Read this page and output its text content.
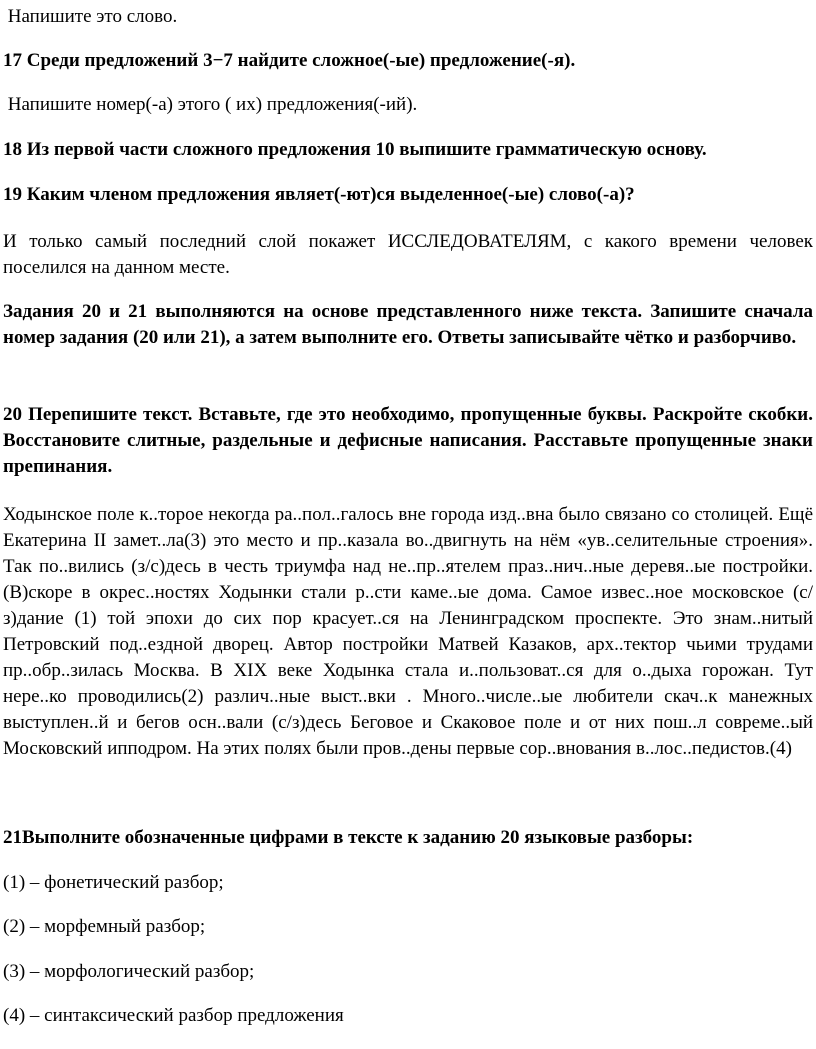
Напишите это слово.

17 Среди предложений 3−7 найдите сложное(-ые) предложение(-я).

Напишите номер(-а) этого ( их) предложения(-ий).

18 Из первой части сложного предложения 10 выпишите грамматическую основу.

19 Каким членом предложения являет(-ют)ся выделенное(-ые) слово(-а)?

И только самый последний слой покажет ИССЛЕДОВАТЕЛЯМ, с какого времени человек поселился на данном месте.

Задания 20 и 21 выполняются на основе представленного ниже текста. Запишите сначала номер задания (20 или 21), а затем выполните его. Ответы записывайте чётко и разборчиво.

20 Перепишите текст. Вставьте, где это необходимо, пропущенные буквы. Раскройте скобки. Восстановите слитные, раздельные и дефисные написания. Расставьте пропущенные знаки препинания.

Ходынское поле к..торое некогда ра..пол..галось вне города изд..вна было связано со столицей. Ещё Екатерина II замет..ла(3) это место и пр..казала во..двигнуть на нём «ув..селительные строения». Так по..вились (з/с)десь в честь триумфа над не..пр..ятелем праз..нич..ные деревя..ые постройки. (В)скоре в окрес..ностях Ходынки стали р..сти каме..ые дома. Самое извес..ное московское (с/з)дание (1) той эпохи до сих пор красует..ся на Ленинградском проспекте. Это знам..нитый Петровский под..ездной дворец. Автор постройки Матвей Казаков, арх..тектор чьими трудами пр..обр..зилась Москва. В XIX веке Ходынка стала и..пользоват..ся для о..дыха горожан. Тут нере..ко проводились(2) различ..ные выст..вки . Много..числе..ые любители скач..к манежных выступлен..й и бегов осн..вали (с/з)десь Беговое и Скаковое поле и от них пош..л совреме..ый Московский ипподром. На этих полях были пров..дены первые сор..внования в..лос..педистов.(4)

21Выполните обозначенные цифрами в тексте к заданию 20 языковые разборы:

(1) – фонетический разбор;

(2) – морфемный разбор;

(3) – морфологический разбор;

(4) – синтаксический разбор предложения
